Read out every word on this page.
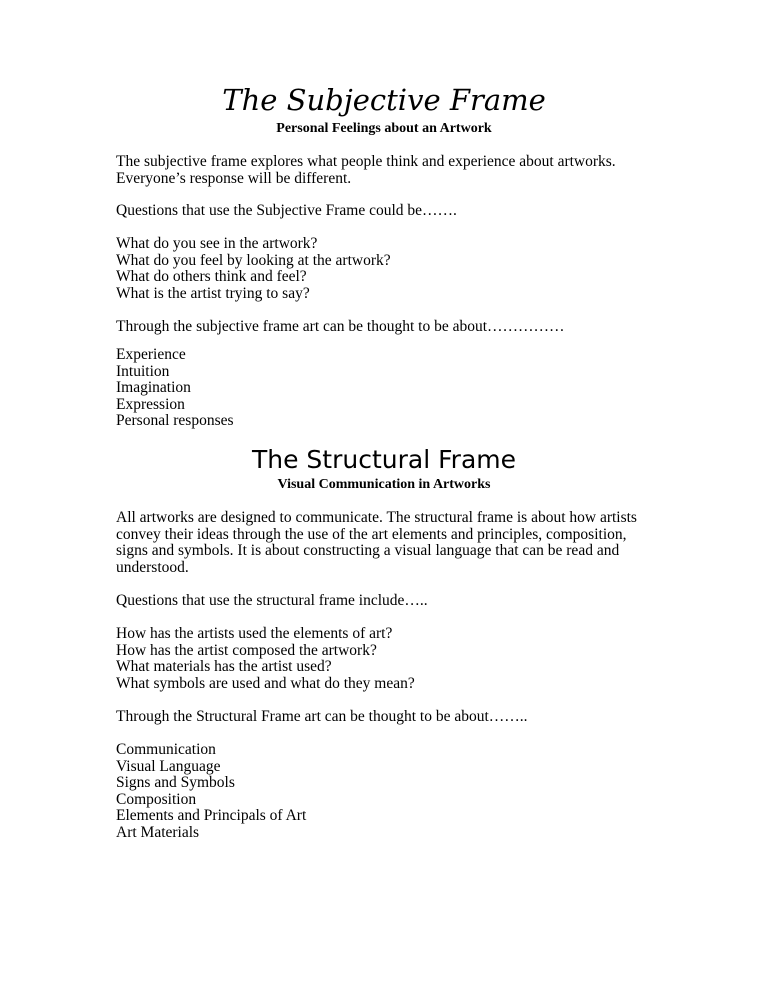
The Subjective Frame
Personal Feelings about an Artwork
The subjective frame explores what people think and experience about artworks.
Everyone’s response will be different.
Questions that use the Subjective Frame could be…….
What do you see in the artwork?
What do you feel by looking at the artwork?
What do others think and feel?
What is the artist trying to say?
Through the subjective frame art can be thought to be about……………
Experience
Intuition
Imagination
Expression
Personal responses
The Structural Frame
Visual Communication in Artworks
All artworks are designed to communicate. The structural frame is about how artists
convey their ideas through the use of the art elements and principles, composition,
signs and symbols. It is about constructing a visual language that can be read and
understood.
Questions that use the structural frame include…..
How has the artists used the elements of art?
How has the artist composed the artwork?
What materials has the artist used?
What symbols are used and what do they mean?
Through the Structural Frame art can be thought to be about……..
Communication
Visual Language
Signs and Symbols
Composition
Elements and Principals of Art
Art Materials
